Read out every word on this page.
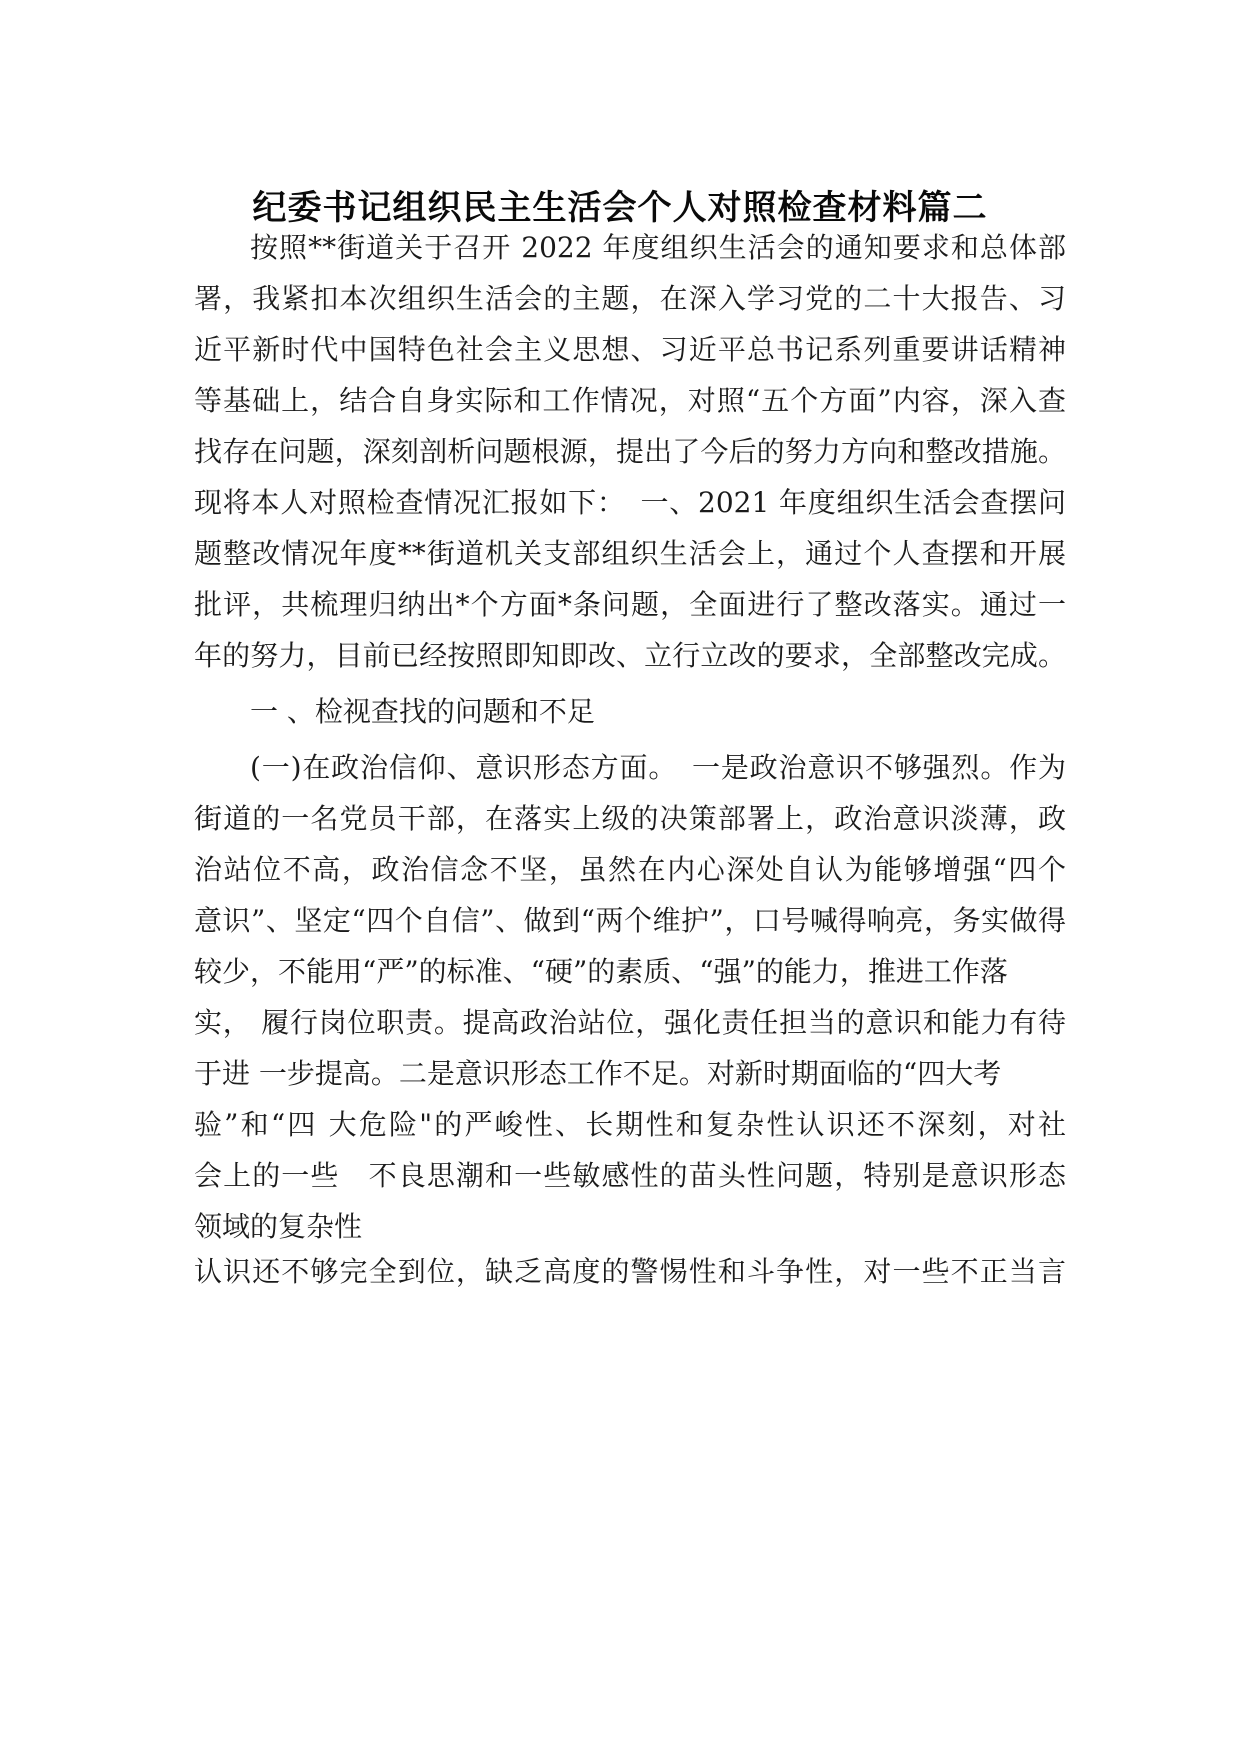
纪委书记组织民主生活会个人对照检查材料篇二
按照**街道关于召开 2022 年度组织生活会的通知要求和总体部
署，我紧扣本次组织生活会的主题，在深入学习党的二十大报告、习
近平新时代中国特色社会主义思想、习近平总书记系列重要讲话精神
等基础上，结合自身实际和工作情况，对照“五个方面”内容，深入查
找存在问题，深刻剖析问题根源，提出了今后的努力方向和整改措施。
现将本人对照检查情况汇报如下：　一、2021 年度组织生活会查摆问
题整改情况年度**街道机关支部组织生活会上，通过个人查摆和开展
批评，共梳理归纳出*个方面*条问题，全面进行了整改落实。通过一
年的努力，目前已经按照即知即改、立行立改的要求，全部整改完成。
一 、检视查找的问题和不足
(一)在政治信仰、意识形态方面。　一是政治意识不够强烈。作为
街道的一名党员干部，在落实上级的决策部署上，政治意识淡薄，政
治站位不高，政治信念不坚，虽然在内心深处自认为能够增强“四个
意识”、坚定“四个自信”、做到“两个维护”，口号喊得响亮，务实做得
较少，不能用“严”的标准、“硬”的素质、“强”的能力，推进工作落
实， 履行岗位职责。提高政治站位，强化责任担当的意识和能力有待
于进 一步提高。二是意识形态工作不足。对新时期面临的“四大考
验”和“四 大危险"的严峻性、长期性和复杂性认识还不深刻，对社
会上的一些　不良思潮和一些敏感性的苗头性问题，特别是意识形态
领域的复杂性
认识还不够完全到位，缺乏高度的警惕性和斗争性，对一些不正当言
